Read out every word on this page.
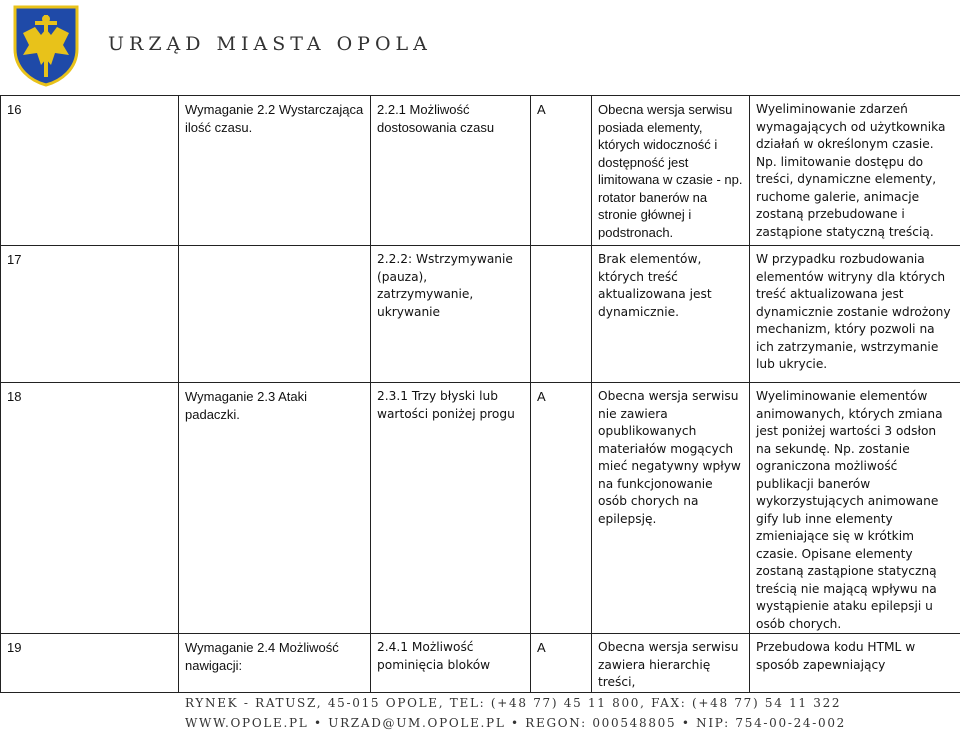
URZĄD MIASTA OPOLA
16	Wymaganie 2.2 Wystarczająca ilość czasu.	2.2.1 Możliwość dostosowania czasu	A	Obecna wersja serwisu posiada elementy, których widoczność i dostępność jest limitowana w czasie - np. rotator banerów na stronie głównej i podstronach.	Wyeliminowanie zdarzeń wymagających od użytkownika działań w określonym czasie. Np. limitowanie dostępu do treści, dynamiczne elementy, ruchome galerie, animacje zostaną przebudowane i zastąpione statyczną treścią.
17		2.2.2: Wstrzymywanie (pauza), zatrzymywanie, ukrywanie		Brak elementów, których treść aktualizowana jest dynamicznie.	W przypadku rozbudowania elementów witryny dla których treść aktualizowana jest dynamicznie zostanie wdrożony mechanizm, który pozwoli na ich zatrzymanie, wstrzymanie lub ukrycie.
18	Wymaganie 2.3 Ataki padaczki.	2.3.1 Trzy błyski lub wartości poniżej progu	A	Obecna wersja serwisu nie zawiera opublikowanych materiałów mogących mieć negatywny wpływ na funkcjonowanie osób chorych na epilepsję.	Wyeliminowanie elementów animowanych, których zmiana jest poniżej wartości 3 odsłon na sekundę. Np. zostanie ograniczona możliwość publikacji banerów wykorzystujących animowane gify lub inne elementy zmieniające się w krótkim czasie. Opisane elementy zostaną zastąpione statyczną treścią nie mającą wpływu na wystąpienie ataku epilepsji u osób chorych.
19	Wymaganie 2.4 Możliwość nawigacji:	2.4.1 Możliwość pominięcia bloków	A	Obecna wersja serwisu zawiera hierarchię treści,	Przebudowa kodu HTML w sposób zapewniający
RYNEK - RATUSZ, 45-015 OPOLE, TEL: (+48 77) 45 11 800, FAX: (+48 77) 54 11 322
WWW.OPOLE.PL • URZAD@UM.OPOLE.PL • REGON: 000548805 • NIP: 754-00-24-002
